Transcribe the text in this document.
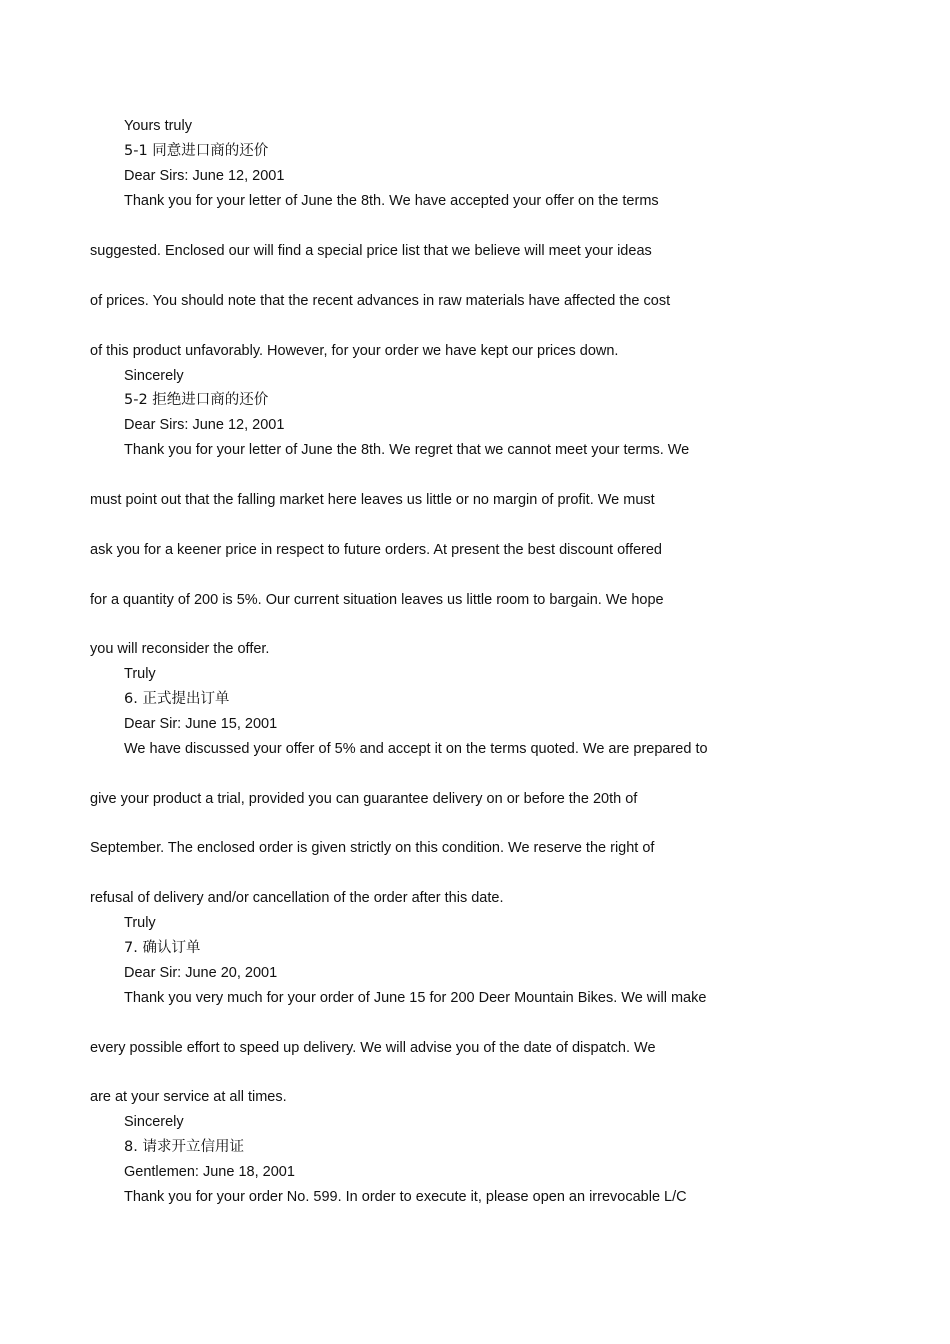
Yours truly
5-1 同意进口商的还价
Dear Sirs: June 12, 2001
Thank you for your letter of June the 8th. We have accepted your offer on the terms
suggested. Enclosed our will find a special price list that we believe will meet your ideas
of prices. You should note that the recent advances in raw materials have affected the cost
of this product unfavorably. However, for your order we have kept our prices down.
Sincerely
5-2 拒绝进口商的还价
Dear Sirs: June 12, 2001
Thank you for your letter of June the 8th. We regret that we cannot meet your terms. We
must point out that the falling market here leaves us little or no margin of profit. We must
ask you for a keener price in respect to future orders. At present the best discount offered
for a quantity of 200 is 5%. Our current situation leaves us little room to bargain. We hope
you will reconsider the offer.
Truly
6. 正式提出订单
Dear Sir: June 15, 2001
We have discussed your offer of 5% and accept it on the terms quoted. We are prepared to
give your product a trial, provided you can guarantee delivery on or before the 20th of
September. The enclosed order is given strictly on this condition. We reserve the right of
refusal of delivery and/or cancellation of the order after this date.
Truly
7. 确认订单
Dear Sir: June 20, 2001
Thank you very much for your order of June 15 for 200 Deer Mountain Bikes. We will make
every possible effort to speed up delivery. We will advise you of the date of dispatch. We
are at your service at all times.
Sincerely
8. 请求开立信用证
Gentlemen: June 18, 2001
Thank you for your order No. 599. In order to execute it, please open an irrevocable L/C
